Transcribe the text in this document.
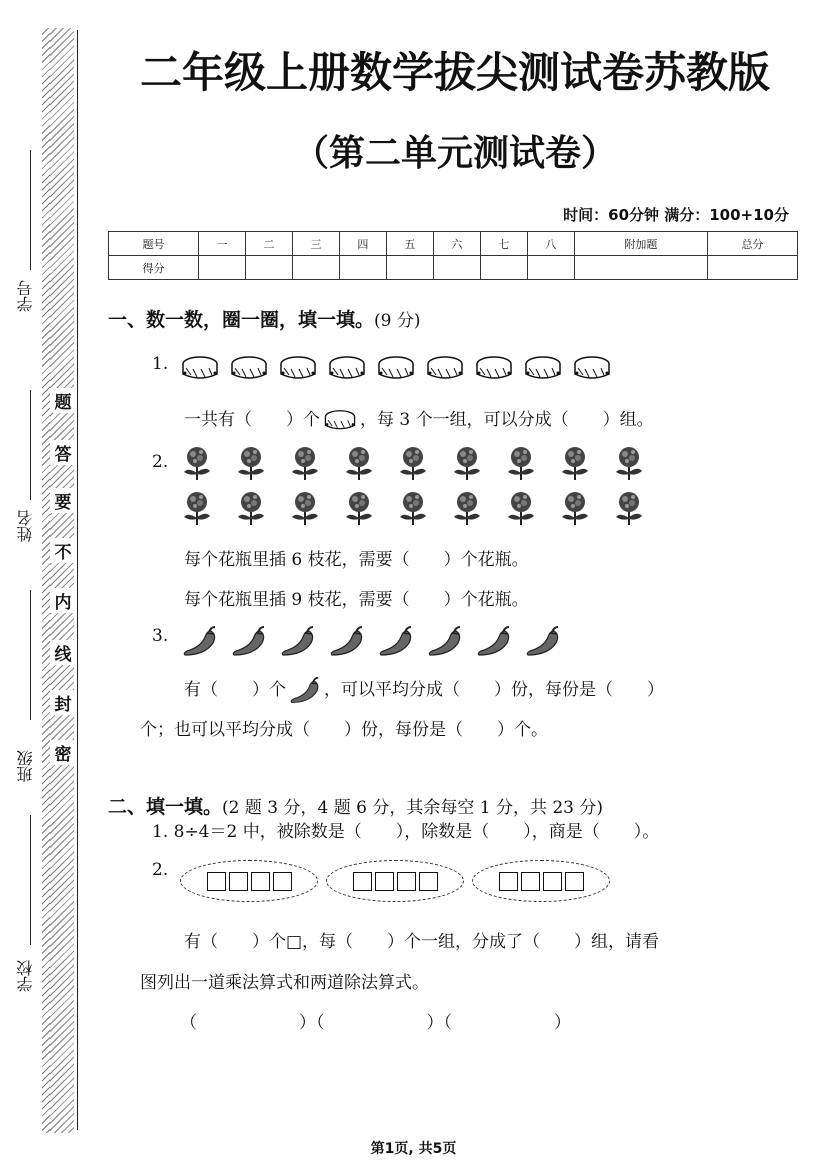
学号
姓名
班级
学校
题
答
要
不
内
线
封
密
二年级上册数学拔尖测试卷苏教版
（第二单元测试卷）
时间：60分钟 满分：100+10分
题号	一	二	三	四	五	六	七	八	附加题	总分
得分										
一、数一数，圈一圈，填一填。(9 分)
1.
一共有（　　）个 ，每 3 个一组，可以分成（　　）组。
2.
每个花瓶里插 6 枝花，需要（　　）个花瓶。
每个花瓶里插 9 枝花，需要（　　）个花瓶。
3.
有（　　）个 ，可以平均分成（　　）份，每份是（　　）
个；也可以平均分成（　　）份，每份是（　　）个。
二、填一填。(2 题 3 分，4 题 6 分，其余每空 1 分，共 23 分)
1. 8÷4＝2 中，被除数是（　　），除数是（　　），商是（　　）。
2.
有（　　）个□，每（　　）个一组，分成了（　　）组，请看
图列出一道乘法算式和两道除法算式。
（　　　　　　）（　　　　　　）（　　　　　　）
第1页, 共5页
